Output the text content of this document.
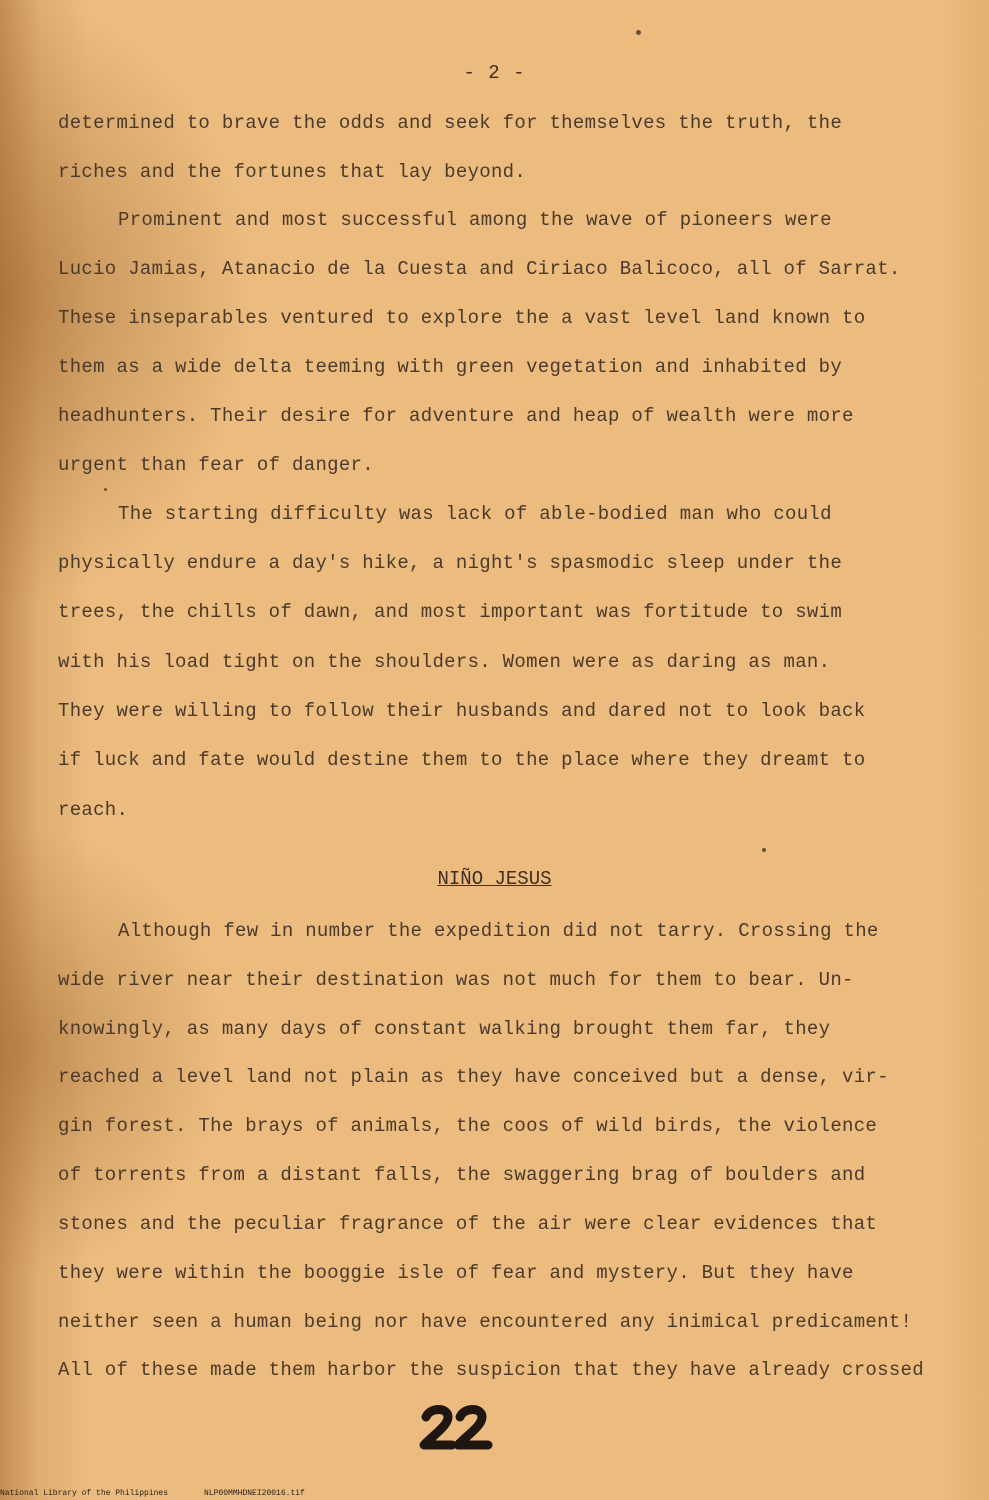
- 2 -
determined to brave the odds and seek for themselves the truth, the
riches and the fortunes that lay beyond.
Prominent and most successful among the wave of pioneers were
Lucio Jamias, Atanacio de la Cuesta and Ciriaco Balicoco, all of Sarrat.
These inseparables ventured to explore the a vast level land known to
them as a wide delta teeming with green vegetation and inhabited by
headhunters. Their desire for adventure and heap of wealth were more
urgent than fear of danger.
The starting difficulty was lack of able-bodied man who could
physically endure a day's hike, a night's spasmodic sleep under the
trees, the chills of dawn, and most important was fortitude to swim
with his load tight on the shoulders. Women were as daring as man.
They were willing to follow their husbands and dared not to look back
if luck and fate would destine them to the place where they dreamt to
reach.
NIÑO JESUS
Although few in number the expedition did not tarry. Crossing the
wide river near their destination was not much for them to bear. Un-
knowingly, as many days of constant walking brought them far, they
reached a level land not plain as they have conceived but a dense, vir-
gin forest. The brays of animals, the coos of wild birds, the violence
of torrents from a distant falls, the swaggering brag of boulders and
stones and the peculiar fragrance of the air were clear evidences that
they were within the booggie isle of fear and mystery. But they have
neither seen a human being nor have encountered any inimical predicament!
All of these made them harbor the suspicion that they have already crossed
National Library of the Philippines	NLP00MMHDNEI20016.tif
